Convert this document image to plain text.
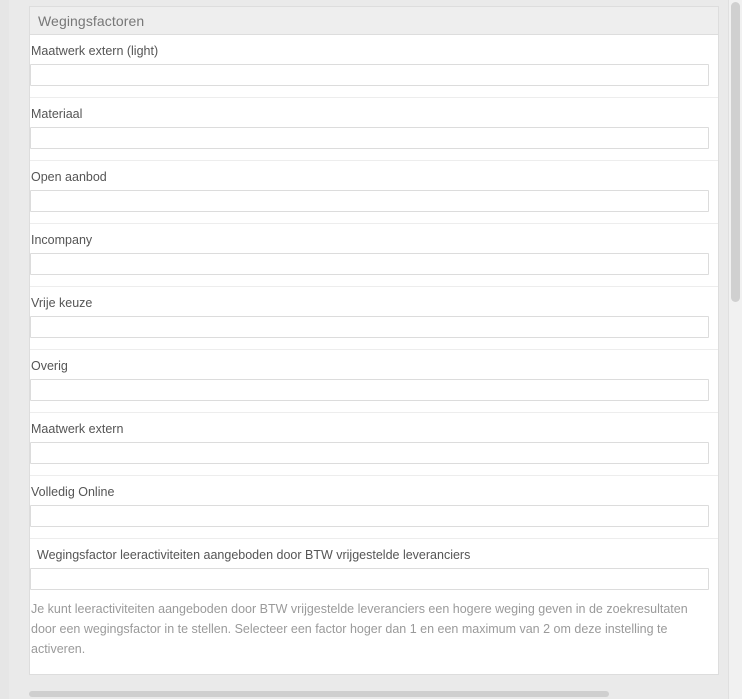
Wegingsfactoren
Maatwerk extern (light)
Materiaal
Open aanbod
Incompany
Vrije keuze
Overig
Maatwerk extern
Volledig Online
Wegingsfactor leeractiviteiten aangeboden door BTW vrijgestelde leveranciers
Je kunt leeractiviteiten aangeboden door BTW vrijgestelde leveranciers een hogere weging geven in de zoekresultaten door een wegingsfactor in te stellen. Selecteer een factor hoger dan 1 en een maximum van 2 om deze instelling te activeren.
